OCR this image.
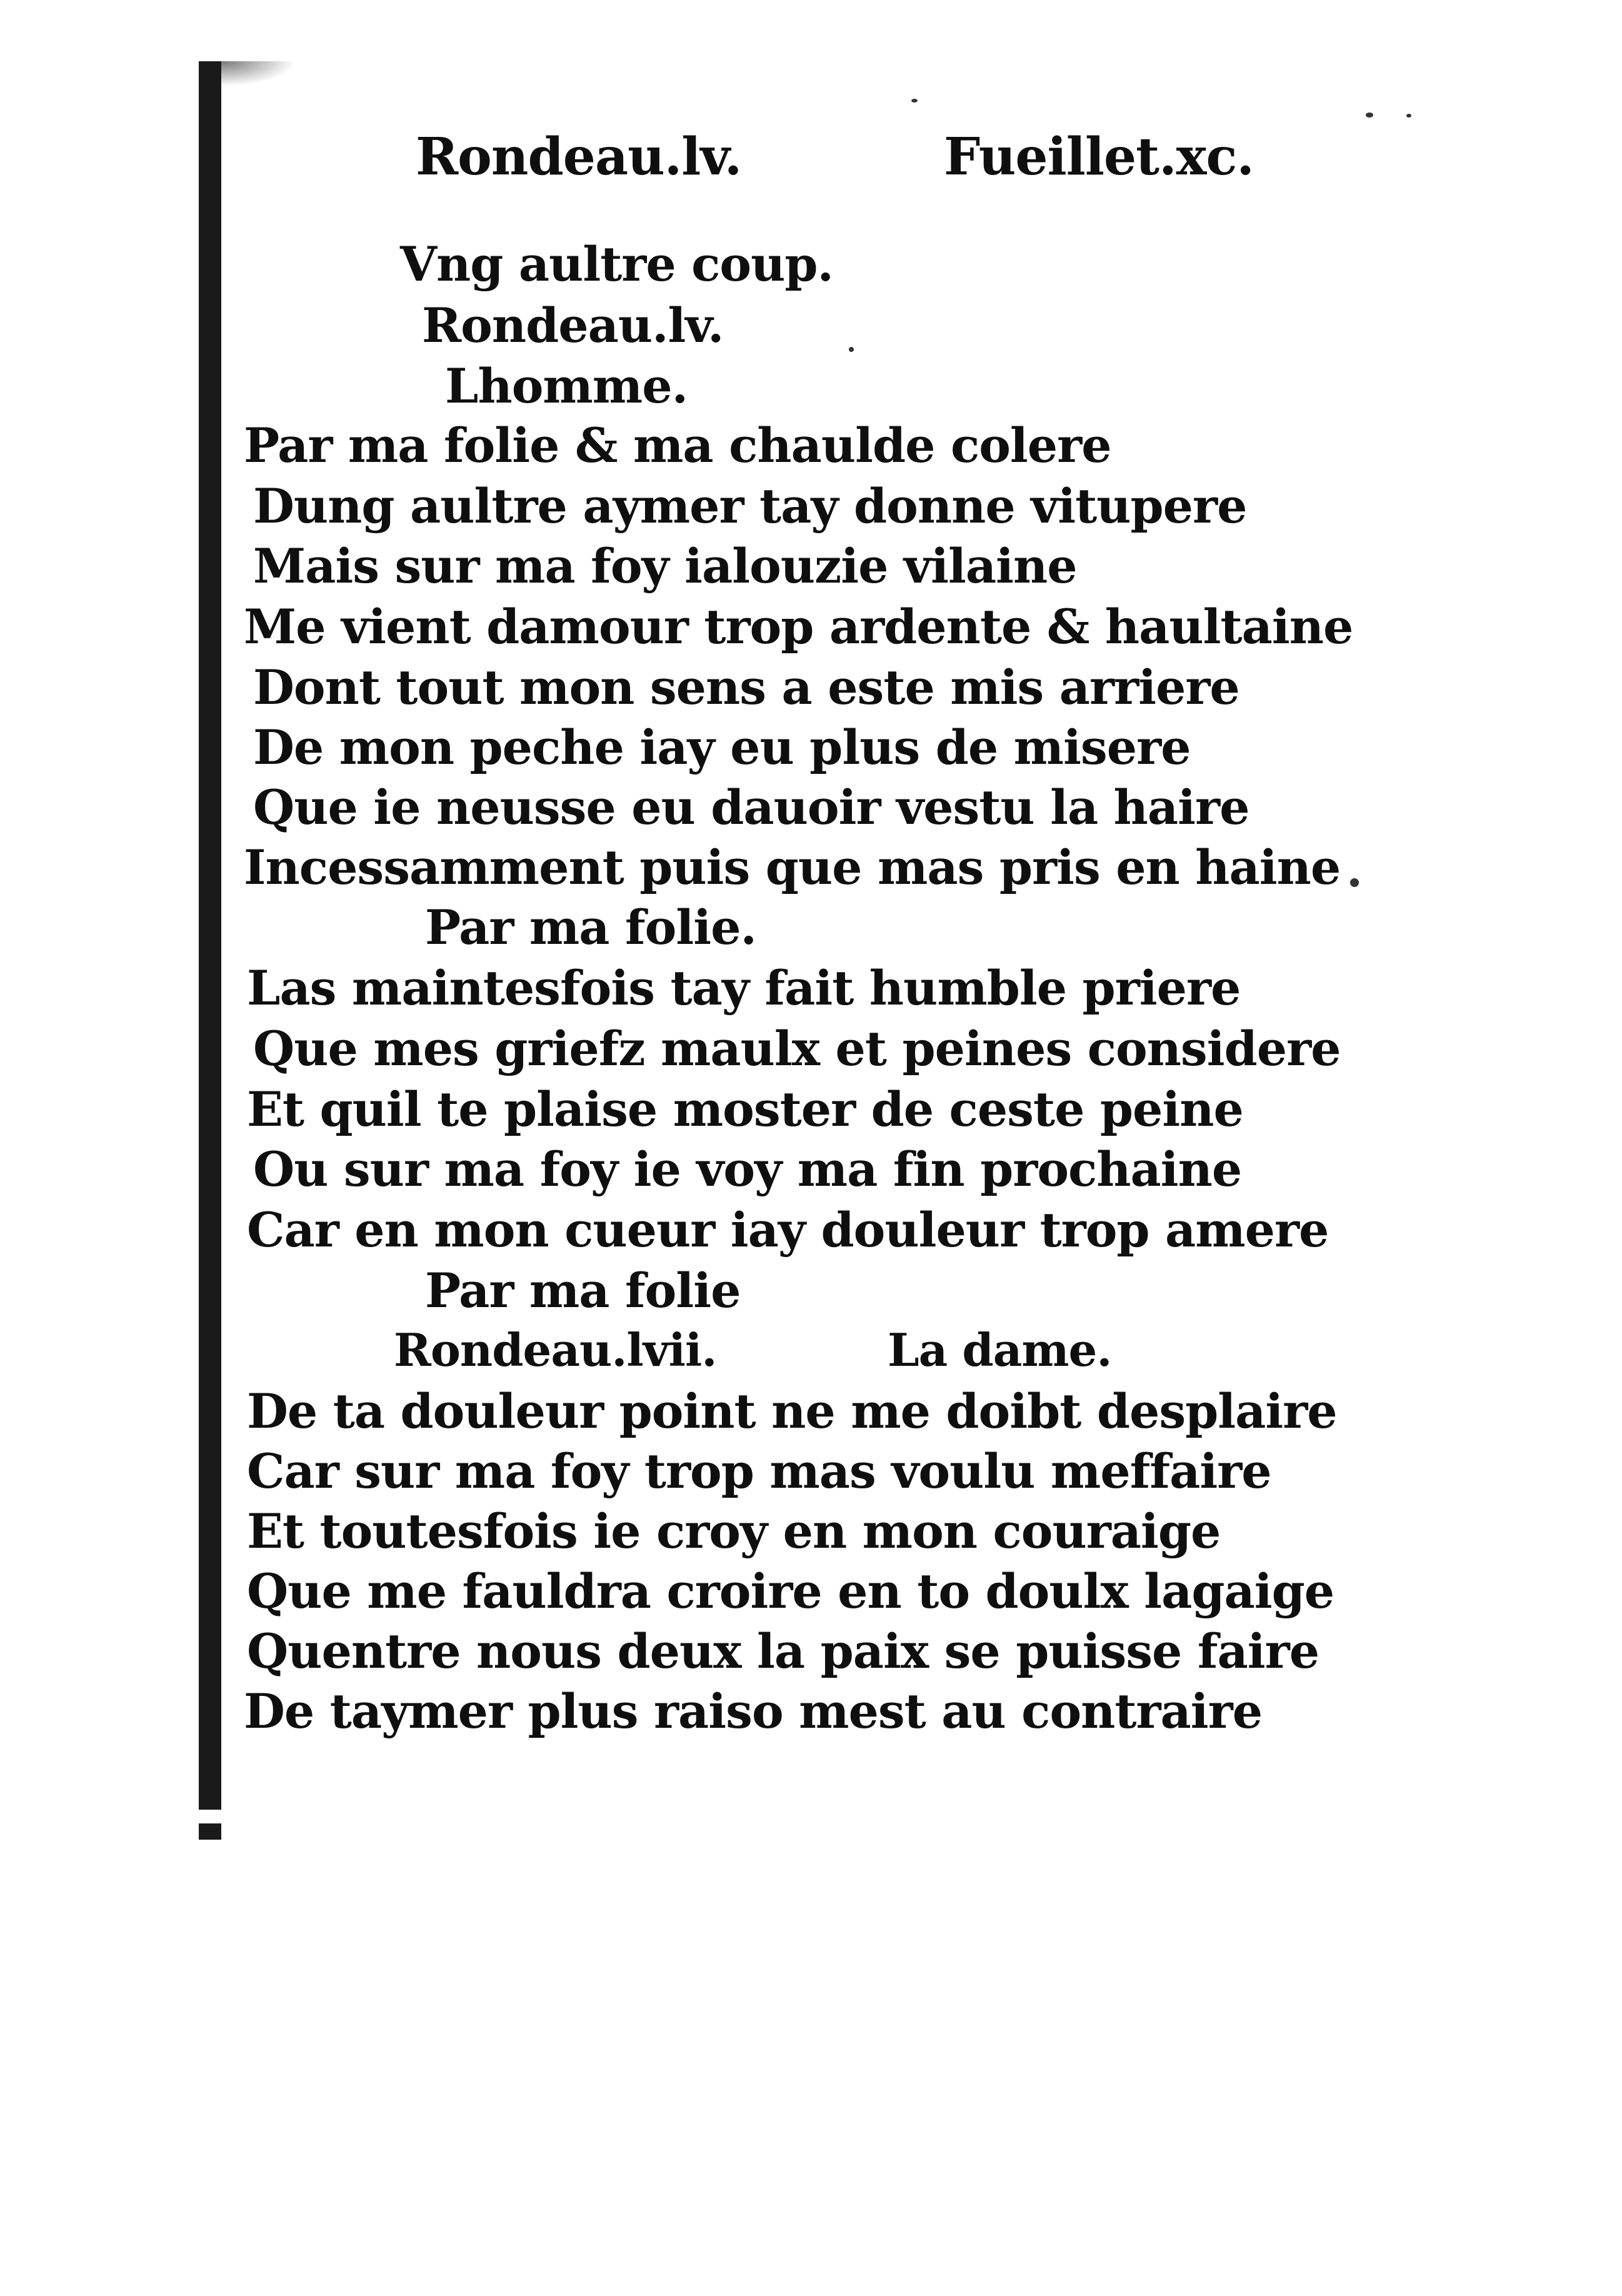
Rondeau.lv.	Fueillet.xc.
Vng aultre coup.
Rondeau.lv.
Lhomme.
Par ma folie & ma chaulde colere
Dung aultre aymer tay donne vitupere
Mais sur ma foy ialouzie vilaine
Me vient damour trop ardente & haultaine
Dont tout mon sens a este mis arriere
De mon peche iay eu plus de misere
Que ie neusse eu dauoir vestu la haire
Incessamment puis que mas pris en haine
Par ma folie.
Las maintesfois tay fait humble priere
Que mes griefz maulx et peines considere
Et quil te plaise moster de ceste peine
Ou sur ma foy ie voy ma fin prochaine
Car en mon cueur iay douleur trop amere
Par ma folie
Rondeau.lvii.	La dame.
De ta douleur point ne me doibt desplaire
Car sur ma foy trop mas voulu meffaire
Et toutesfois ie croy en mon couraige
Que me fauldra croire en to doulx lagaige
Quentre nous deux la paix se puisse faire
De taymer plus raiso mest au contraire
